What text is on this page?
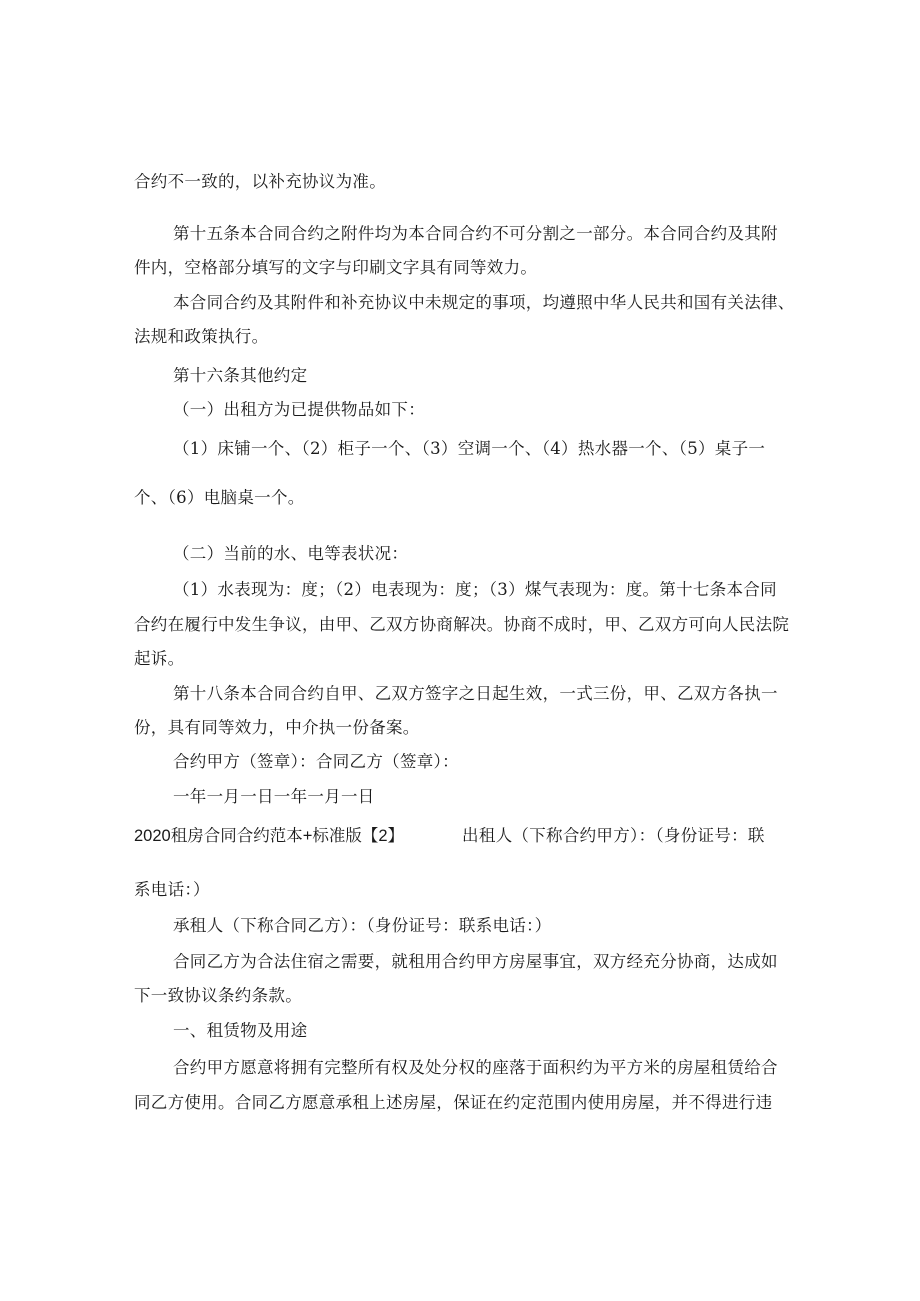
合约不一致的，以补充协议为准。

第十五条本合同合约之附件均为本合同合约不可分割之一部分。本合同合约及其附

件内，空格部分填写的文字与印刷文字具有同等效力。

本合同合约及其附件和补充协议中未规定的事项，均遵照中华人民共和国有关法律、

法规和政策执行。

第十六条其他约定

（一）出租方为已提供物品如下：

（1）床铺一个、（2）柜子一个、（3）空调一个、（4）热水器一个、（5）桌子一

个、（6）电脑桌一个。

（二）当前的水、电等表状况：

（1）水表现为：度；（2）电表现为：度；（3）煤气表现为：度。第十七条本合同

合约在履行中发生争议，由甲、乙双方协商解决。协商不成时，甲、乙双方可向人民法院

起诉。

第十八条本合同合约自甲、乙双方签字之日起生效，一式三份，甲、乙双方各执一

份，具有同等效力，中介执一份备案。

合约甲方（签章）：合同乙方（签章）：

一年一月一日一年一月一日

2020租房合同合约范本+标准版【2】	出租人（下称合约甲方）：（身份证号：联

系电话：）

承租人（下称合同乙方）：（身份证号：联系电话：）

合同乙方为合法住宿之需要，就租用合约甲方房屋事宜，双方经充分协商，达成如

下一致协议条约条款。

一、租赁物及用途

合约甲方愿意将拥有完整所有权及处分权的座落于面积约为平方米的房屋租赁给合

同乙方使用。合同乙方愿意承租上述房屋，保证在约定范围内使用房屋，并不得进行违
